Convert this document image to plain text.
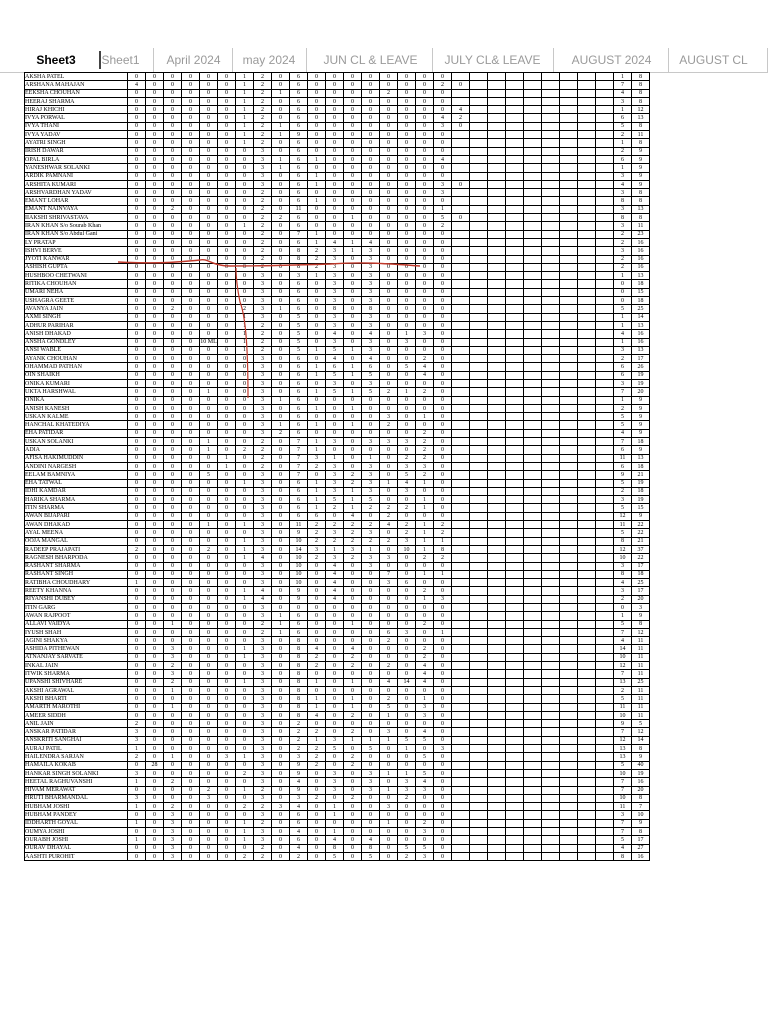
Sheet3	Sheet1	April 2024	may 2024	JUN CL & LEAVE	JULY CL& LEAVE	AUGUST 2024	AUGUST CL
AKSHA PATEL	0	0	0	0	0	0	1	2	0	6	0	0	0	0	0	0	0	0										1	8
ARSHANA MAHAJAN	4	0	0	0	0	0	1	2	0	6	0	0	0	0	0	0	0	2	0									7	8
EEKSHA CHOUHAN	0	0	0	0	0	0	1	2	1	6	0	0	0	0	2	0	0	0										4	8
HEERAJ SHARMA	0	0	0	0	0	0	1	2	0	6	0	0	0	0	0	0	0	0										3	8
HIRAJ KHICHI	0	0	0	0	0	0	1	2	0	6	0	0	0	0	0	0	0	0	4									1	12
IVYA PORWAL	0	0	0	0	0	0	1	2	0	6	0	0	0	0	0	0	0	4	2									6	13
IVYA THANI	0	0	0	0	0	0	1	2	1	6	0	0	0	0	0	0	0	3	0									5	8
IVYA YADAV	0	0	0	0	0	0	1	2	1	9	0	0	0	0	0	0	0	0										2	11
AYATRI SINGH	0	0	0	0	0	0	1	2	0	6	0	0	0	0	0	0	0	0										1	8
IRISH DAWAR	0	0	0	0	0	0	0	3	0	6	0	0	0	0	0	0	0	0										2	9
OPAL BIRLA	0	0	0	0	0	0	0	3	1	6	1	0	0	0	0	0	0	4										6	9
YANESHWAR SOLANKI	0	0	0	0	0	0	0	3	1	6	0	0	0	0	0	0	0	0										1	9
ARDIK PAMNANI	0	0	0	0	0	0	0	3	0	6	1	0	0	0	0	0	0	0										3	9
ARSHITA KUMARI	0	0	0	0	0	0	0	3	0	6	1	0	0	0	0	0	0	3	0									4	9
ARSHVARDHAN YADAV	0	0	0	0	0	0	0	2	0	6	0	0	0	0	0	0	0	3										3	8
EMANT LOHAR	0	0	0	0	0	0	0	2	0	6	1	0	0	0	0	0	0	0										8	8
EMANT NAINVAYA	0	0	2	0	0	0	0	2	0	11	0	0	0	0	0	0	0	1										3	13
IIAKSHI SHRIVASTAVA	0	0	0	0	0	0	0	2	2	6	0	0	1	0	0	0	0	5	0									8	8
IRAN KHAN S/o Sourab Khan	0	0	0	0	0	0	1	2	0	6	0	0	0	0	0	0	0	2										3	11
IRAN KHAN S/o Abdul Gani	0	0	0	0	0	0	0	2	0	7	1	0	0	0	0	0	0	0										2	23
LY PRATAP	0	0	0	0	0	0	0	2	0	6	1	4	1	4	0	0	0	0										2	16
ISHVI BERVE	0	0	0	0	0	0	0	2	0	8	2	3	1	3	0	0	0	0										3	16
JYOTI KANWAR	0	0	0	0	0	0	0	2	0	8	2	3	0	3	0	0	0	0										2	16
ASHISH GUPTA	0	0	0	0	0	0	0	2	0	8	2	3	0	3	0	0	0	0										2	16
HUSHBOO CHETWANI	0	0	0	0	0	0	0	3	0	3	1	3	0	3	0	0	0	0										1	13
RITIKA CHOUHAN	0	0	0	0	0	0	0	3	0	6	0	3	0	3	0	0	0	0										0	18
UMARI NEHA	0	0	0	0	0	0	0	3	0	6	0	3	0	3	0	0	0	0										0	15
USHAGRA GEETE	0	0	0	0	0	0	0	3	0	6	0	3	0	3	0	0	0	0										0	18
AVANYA JAIN	0	0	2	0	0	0	2	3	1	6	0	8	0	8	0	0	0	0										5	25
AXMI SINGH	0	0	0	0	0	0	1	3	0	5	0	3	0	3	0	0	0	0										1	14
ADHUR PARIHAR	0	0	0	0	0	0	1	2	0	5	0	3	0	3	0	0	0	0										1	13
ANISH DHAKAD	0	0	0	0	0	0	1	2	0	5	0	4	0	4	0	1	3	0										4	16
ANSHA GONDLEY	0	0	0	0	10 ML	0	1	2	0	5	0	3	0	3	0	3	0	0										1	16
ANSI WABLE	0	0	0	0	0	0	1	2	0	5	1	5	1	3	0	0	0	0										3	13
AYANK CHOUHAN	0	0	0	0	0	0	0	3	0	6	0	4	0	4	0	0	2	0										2	17
OHAMMAD PATHAN	0	0	0	0	0	0	0	3	0	6	1	6	1	6	0	5	4	0										6	26
OIN SHAIKH	0	0	0	0	0	0	0	3	0	6	1	5	1	5	0	0	4	0										6	19
ONIKA KUMARI	0	0	0	0	0	0	0	3	0	6	0	3	0	3	0	0	0	0										3	19
UKTA HARSHWAL	0	0	0	0	1	0	0	3	0	6	1	5	1	5	2	1	2	0										7	20
ONIKA	0	0	0	0	0	0	0	3	1	6	0	0	0	0	0	0	0	0										1	9
ANISH KANESH	0	0	0	0	0	0	0	3	0	6	1	0	1	0	0	0	0	0										2	9
USKAN KALME	0	0	0	0	0	0	0	3	0	6	0	0	0	0	3	0	1	0										5	9
HANCHAL KHATEDIYA	0	0	0	0	0	0	0	3	1	6	1	0	1	0	2	0	0	0										5	9
EHA PATIDAR	0	0	0	0	0	0	0	3	2	6	0	0	0	0	0	0	2	0										4	9
USKAN SOLANKI	0	0	0	0	1	0	0	2	0	7	1	3	0	3	3	3	2	0										7	18
ADIA	0	0	0	0	1	0	2	2	0	7	1	0	0	0	0	0	2	0										6	9
AFISA HAKIMUDDIN	0	0	0	0	0	1	0	2	0	7	3	1	0	1	0	2	2	0										11	13
ANDINI NARGESH	0	0	0	0	0	1	0	2	0	7	2	3	0	3	0	3	3	0										6	18
EELAM BAMNIYA	0	0	0	0	5	0	0	3	0	7	0	3	2	3	0	5	2	0										9	21
EHA TATWAL	0	0	0	0	0	0	1	3	0	6	1	3	2	3	1	4	1	0										5	19
IDHI KAMDAR	0	0	0	0	0	0	0	3	0	6	1	3	1	3	0	3	0	0										2	18
HARIKA SHARMA	0	0	0	0	0	0	0	3	0	6	1	5	1	5	0	0	1	0										3	19
ITIN SHARMA	0	0	0	0	0	0	0	3	0	6	1	2	1	2	2	2	1	0										5	15
AWAN BIJAPARI	0	0	0	0	0	0	0	3	0	6	6	0	4	0	2	0	0	0										12	9
AWAN DHAKAD	0	0	0	0	1	0	1	3	0	11	2	2	2	2	4	2	1	2										11	22
AYAL MEENA	0	0	0	0	0	0	0	3	0	9	2	3	2	3	0	2	1	2										5	22
OOJA MANGAL	0	0	0	0	0	0	1	3	0	10	2	2	2	2	2	3	1	1										8	21
RADEEP PRAJAPATI	2	0	0	0	2	0	1	3	0	14	3	1	3	1	0	10	1	8										12	37
RAGNESH BHARPODA	0	0	0	0	0	0	1	4	0	10	2	3	2	3	3	0	2	2										10	22
RASHANT SHARMA	0	0	0	0	0	0	0	3	0	10	0	4	0	3	0	0	0	0										3	17
RASHANT SINGH	0	0	0	0	0	0	0	3	0	10	0	4	0	0	7	0	1	1										8	18
RATIBHA CHOUDHARY	1	0	0	0	0	0	0	3	0	10	0	4	0	0	3	6	0	0										4	25
REETY KHANNA	0	0	0	0	0	0	1	4	0	9	0	4	0	0	0	0	2	0										3	17
RIYANSHI DUBEY	0	0	0	0	0	0	1	4	0	9	0	4	0	0	0	0	1	3										2	20
ITIN GARG	0	0	0	0	0	0	0	3	0	0	0	0	0	0	0	0	0	0										0	3
AWAN RAJPOOT	0	0	0	0	0	0	0	3	1	6	0	0	0	0	0	0	0	0										1	9
ALLAVI VAIDYA	0	0	1	0	0	0	0	2	1	6	0	0	1	0	0	0	2	0										5	8
IYUSH SHAH	0	0	0	0	0	0	0	2	1	6	0	0	0	0	6	3	0	1										7	12
AGINI SHAKYA	0	0	0	0	0	0	0	3	0	8	0	0	0	0	2	0	0	0										4	11
ASHIDA PITHEWAN	0	0	3	0	0	0	1	3	0	8	4	0	4	0	0	0	2	0										14	11
ATNANJAY SARVATE	0	0	3	0	0	0	1	3	0	8	2	0	2	0	0	0	2	0										10	11
INKAL JAIN	0	0	2	0	0	0	0	3	0	8	2	0	2	0	2	0	4	0										12	11
ITWIK SHARMA	0	0	3	0	0	0	0	3	0	8	0	0	0	0	0	0	4	0										7	11
UPANSHI SHIVHARE	0	0	2	0	0	0	1	3	0	8	1	0	1	0	4	14	4	0										13	25
AKSHI AGRAWAL	0	0	1	0	0	0	0	3	0	8	0	0	0	0	0	0	0	0										2	11
AKSHI BHARTI	0	0	0	0	0	0	0	3	0	8	1	0	1	0	2	0	1	0										5	11
AMARTH MAROTHI	0	0	1	0	0	0	0	3	0	8	1	0	1	0	5	0	3	0										11	11
AMEER SIDDH	0	0	0	0	0	0	0	3	0	8	4	0	2	0	1	0	3	0										10	11
ANIL JAIN	2	0	0	0	0	0	0	3	0	2	0	0	0	0	0	0	0	0										9	5
ANSKAR PATIDAR	3	0	0	0	0	0	0	3	0	2	2	0	2	0	3	0	4	0										7	12
ANSKRITI SANGHAI	3	0	0	0	0	0	0	3	0	2	1	3	1	1	1	5	5	0										12	14
AURAJ PATIL	1	0	0	0	0	0	0	3	0	2	2	5	0	5	0	1	0	3										13	8
HAILENDRA SARJAN	2	0	1	0	0	3	1	3	0	3	2	0	2	0	0	0	5	0										13	9
HAMAILA KOKAB	0	28	0	0	0	0	0	3	0	9	2	0	2	0	0	0	0	0										5	40
HANKAR SINGH SOLANKI	3	0	0	0	0	0	2	3	0	9	0	3	0	3	1	1	5	0										10	19
HEETAL RAGHUVANSHI	1	0	2	0	0	0	0	3	0	4	0	3	0	3	0	3	4	0										7	16
HIVAM MERAWAT	0	0	0	0	2	0	1	2	0	9	0	3	0	3	1	3	3	0										7	20
HRUTI BHARMANDAL	3	0	0	0	3	0	0	3	0	3	2	0	2	0	0	2	0	0										10	8
HUBHAM JOSHI	1	0	2	0	0	0	2	2	3	4	0	1	0	0	3	0	0	0										11	7
HUBHAM PANDEY	0	0	3	0	0	0	0	3	0	6	0	1	0	0	0	0	0	0										3	10
IDDHARTH GOYAL	1	0	3	0	0	0	1	2	0	6	0	0	0	0	1	0	2	0										7	9
OUMYA JOSHI	0	0	3	0	0	0	1	3	0	4	0	1	0	0	0	0	3	0										7	8
OURABH JOSHI	1	0	3	0	0	0	1	3	0	6	0	4	0	4	0	0	0	0										5	17
OURAV DHAYAL	0	0	3	0	0	0	0	2	0	4	0	8	0	8	0	5	5	0										4	27
AASHTI PUROHIT	0	0	3	0	0	0	2	2	0	2	0	5	0	5	0	2	3	0										8	16
